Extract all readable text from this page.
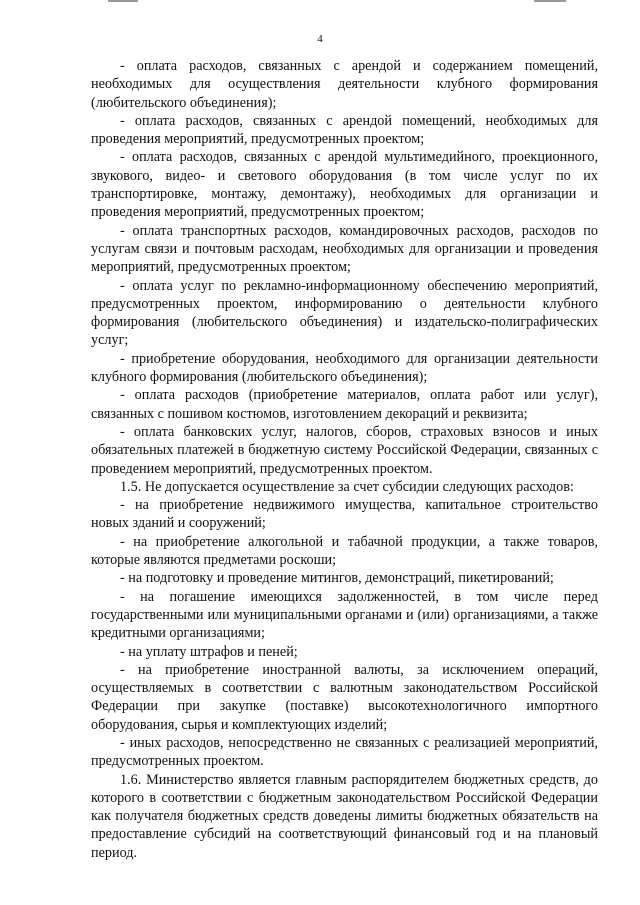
4

- оплата расходов, связанных с арендой и содержанием помещений, необходимых для осуществления деятельности клубного формирования (любительского объединения);

- оплата расходов, связанных с арендой помещений, необходимых для проведения мероприятий, предусмотренных проектом;

- оплата расходов, связанных с арендой мультимедийного, проекционного, звукового, видео- и светового оборудования (в том числе услуг по их транспортировке, монтажу, демонтажу), необходимых для организации и проведения мероприятий, предусмотренных проектом;

- оплата транспортных расходов, командировочных расходов, расходов по услугам связи и почтовым расходам, необходимых для организации и проведения мероприятий, предусмотренных проектом;

- оплата услуг по рекламно-информационному обеспечению мероприятий, предусмотренных проектом, информированию о деятельности клубного формирования (любительского объединения) и издательско-полиграфических услуг;

- приобретение оборудования, необходимого для организации деятельности клубного формирования (любительского объединения);

- оплата расходов (приобретение материалов, оплата работ или услуг), связанных с пошивом костюмов, изготовлением декораций и реквизита;

- оплата банковских услуг, налогов, сборов, страховых взносов и иных обязательных платежей в бюджетную систему Российской Федерации, связанных с проведением мероприятий, предусмотренных проектом.

1.5. Не допускается осуществление за счет субсидии следующих расходов:

- на приобретение недвижимого имущества, капитальное строительство новых зданий и сооружений;

- на приобретение алкогольной и табачной продукции, а также товаров, которые являются предметами роскоши;

- на подготовку и проведение митингов, демонстраций, пикетирований;

- на погашение имеющихся задолженностей, в том числе перед государственными или муниципальными органами и (или) организациями, а также кредитными организациями;

- на уплату штрафов и пеней;

- на приобретение иностранной валюты, за исключением операций, осуществляемых в соответствии с валютным законодательством Российской Федерации при закупке (поставке) высокотехнологичного импортного оборудования, сырья и комплектующих изделий;

- иных расходов, непосредственно не связанных с реализацией мероприятий, предусмотренных проектом.

1.6. Министерство является главным распорядителем бюджетных средств, до которого в соответствии с бюджетным законодательством Российской Федерации как получателя бюджетных средств доведены лимиты бюджетных обязательств на предоставление субсидий на соответствующий финансовый год и на плановый период.
